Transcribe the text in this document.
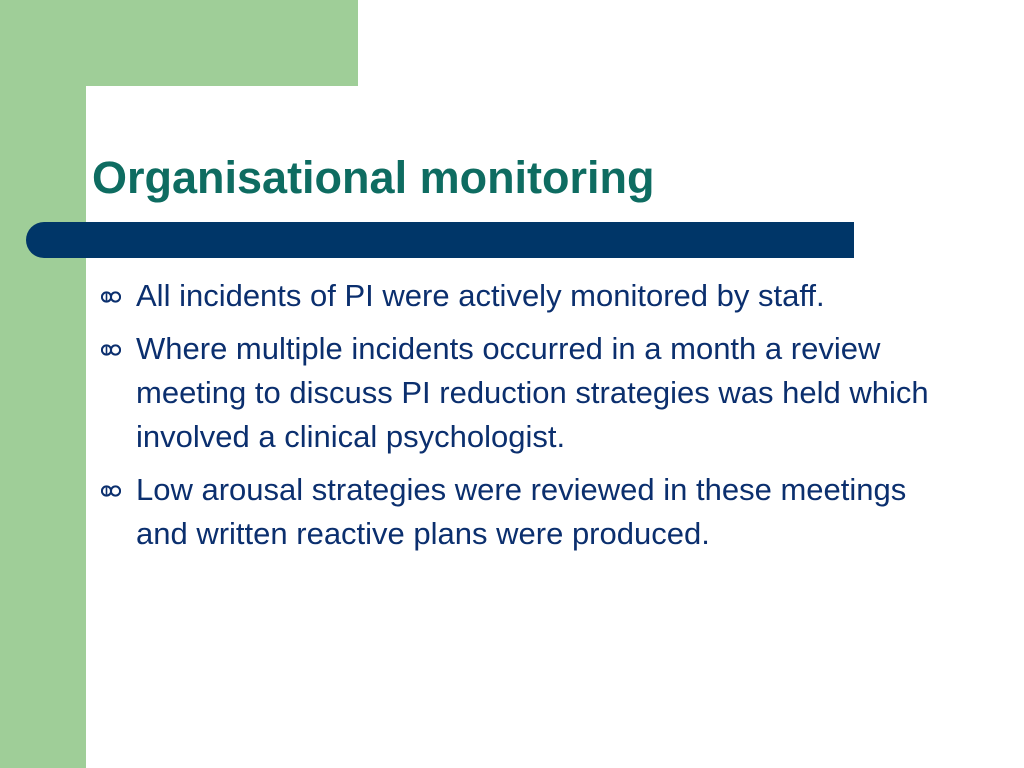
Organisational monitoring
All incidents of PI were actively monitored by staff.
Where multiple incidents occurred in a month a review meeting to discuss PI reduction strategies was held which involved a clinical psychologist.
Low arousal strategies were reviewed in these meetings and written reactive plans were produced.
